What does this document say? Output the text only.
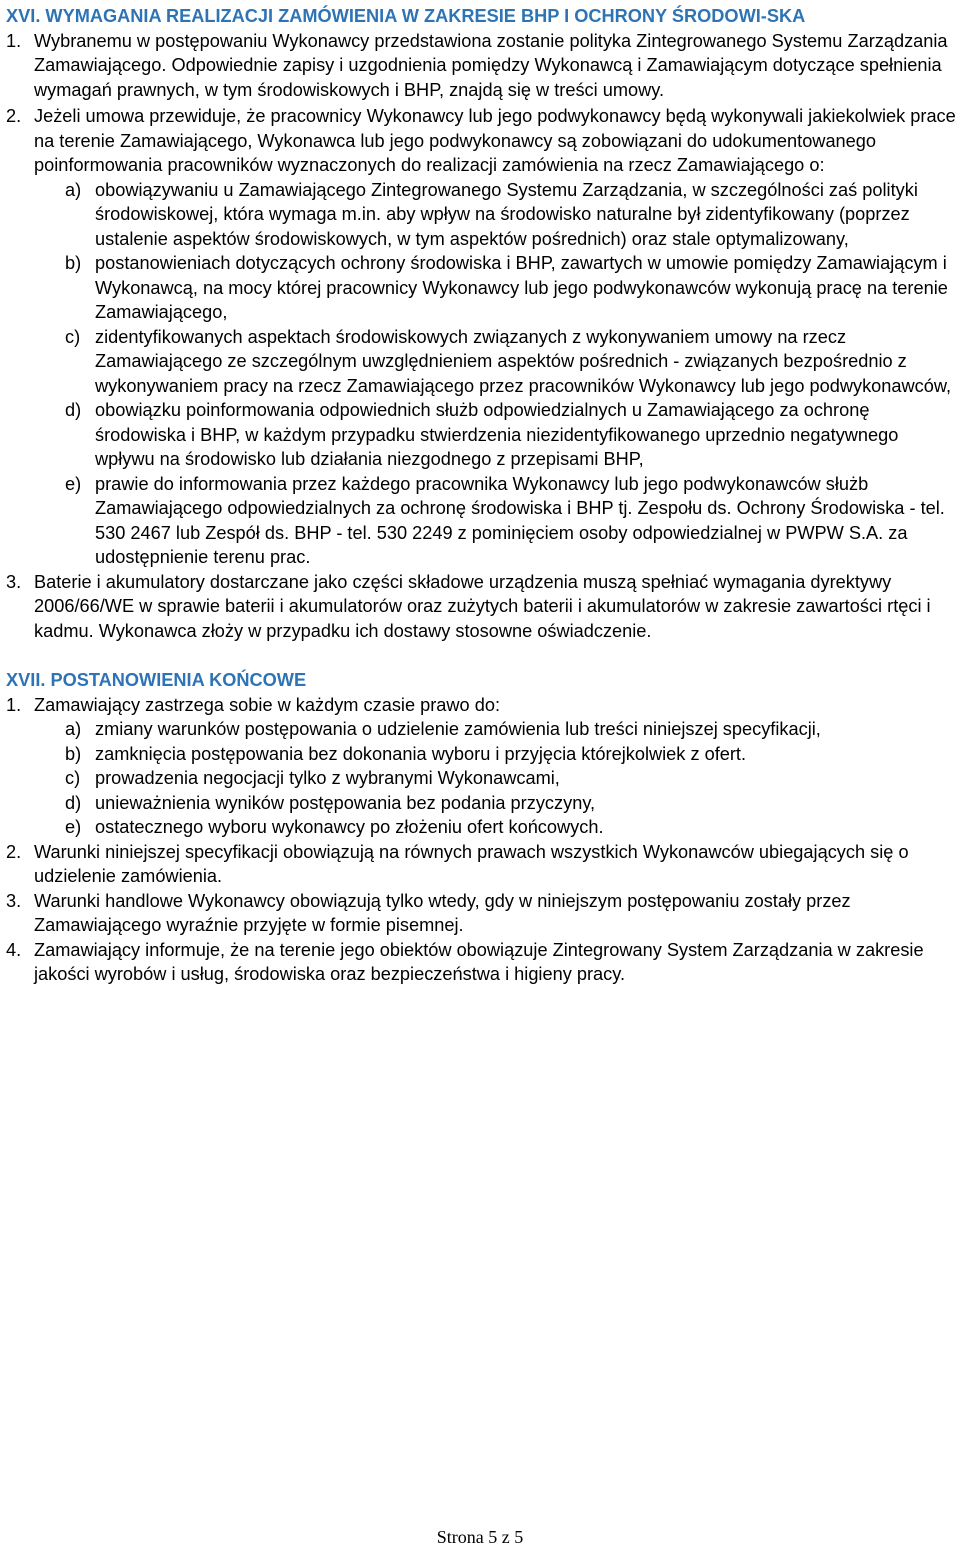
XVI. WYMAGANIA REALIZACJI ZAMÓWIENIA W ZAKRESIE BHP I OCHRONY ŚRODOWI-SKA

1. Wybranemu w postępowaniu Wykonawcy przedstawiona zostanie polityka Zintegrowanego Systemu Zarządzania Zamawiającego. Odpowiednie zapisy i uzgodnienia pomiędzy Wykonawcą i Zamawiającym dotyczące spełnienia wymagań prawnych, w tym środowiskowych i BHP, znajdą się w treści umowy.
2. Jeżeli umowa przewiduje, że pracownicy Wykonawcy lub jego podwykonawcy będą wykonywali jakiekolwiek prace na terenie Zamawiającego, Wykonawca lub jego podwykonawcy są zobowiązani do udokumentowanego poinformowania pracowników wyznaczonych do realizacji zamówienia na rzecz Zamawiającego o:
a) obowiązywaniu u Zamawiającego Zintegrowanego Systemu Zarządzania, w szczególności zaś polityki środowiskowej, która wymaga m.in. aby wpływ na środowisko naturalne był zidentyfikowany (poprzez ustalenie aspektów środowiskowych, w tym aspektów pośrednich) oraz stale optymalizowany,
b) postanowieniach dotyczących ochrony środowiska i BHP, zawartych w umowie pomiędzy Zamawiającym i Wykonawcą, na mocy której pracownicy Wykonawcy lub jego podwykonawców wykonują pracę na terenie Zamawiającego,
c) zidentyfikowanych aspektach środowiskowych związanych z wykonywaniem umowy na rzecz Zamawiającego ze szczególnym uwzględnieniem aspektów pośrednich - związanych bezpośrednio z wykonywaniem pracy na rzecz Zamawiającego przez pracowników Wykonawcy lub jego podwykonawców,
d) obowiązku poinformowania odpowiednich służb odpowiedzialnych u Zamawiającego za ochronę środowiska i BHP, w każdym przypadku stwierdzenia niezidentyfikowanego uprzednio negatywnego wpływu na środowisko lub działania niezgodnego z przepisami BHP,
e) prawie do informowania przez każdego pracownika Wykonawcy lub jego podwykonawców służb Zamawiającego odpowiedzialnych za ochronę środowiska i BHP tj. Zespołu ds. Ochrony Środowiska - tel. 530 2467 lub Zespół ds. BHP - tel. 530 2249 z pominięciem osoby odpowiedzialnej w PWPW S.A. za udostępnienie terenu prac.
3. Baterie i akumulatory dostarczane jako części składowe urządzenia muszą spełniać wymagania dyrektywy 2006/66/WE w sprawie baterii i akumulatorów oraz zużytych baterii i akumulatorów w zakresie zawartości rtęci i kadmu. Wykonawca złoży w przypadku ich dostawy stosowne oświadczenie.

XVII. POSTANOWIENIA KOŃCOWE

1. Zamawiający zastrzega sobie w każdym czasie prawo do:
a) zmiany warunków postępowania o udzielenie zamówienia lub treści niniejszej specyfikacji,
b) zamknięcia postępowania bez dokonania wyboru i przyjęcia którejkolwiek z ofert.
c) prowadzenia negocjacji tylko z wybranymi Wykonawcami,
d) unieważnienia wyników postępowania bez podania przyczyny,
e) ostatecznego wyboru wykonawcy po złożeniu ofert końcowych.
2. Warunki niniejszej specyfikacji obowiązują na równych prawach wszystkich Wykonawców ubiegających się o udzielenie zamówienia.
3. Warunki handlowe Wykonawcy obowiązują tylko wtedy, gdy w niniejszym postępowaniu zostały przez Zamawiającego wyraźnie przyjęte w formie pisemnej.
4. Zamawiający informuje, że na terenie jego obiektów obowiązuje Zintegrowany System Zarządzania w zakresie jakości wyrobów i usług, środowiska oraz bezpieczeństwa i higieny pracy.
Strona 5 z 5
